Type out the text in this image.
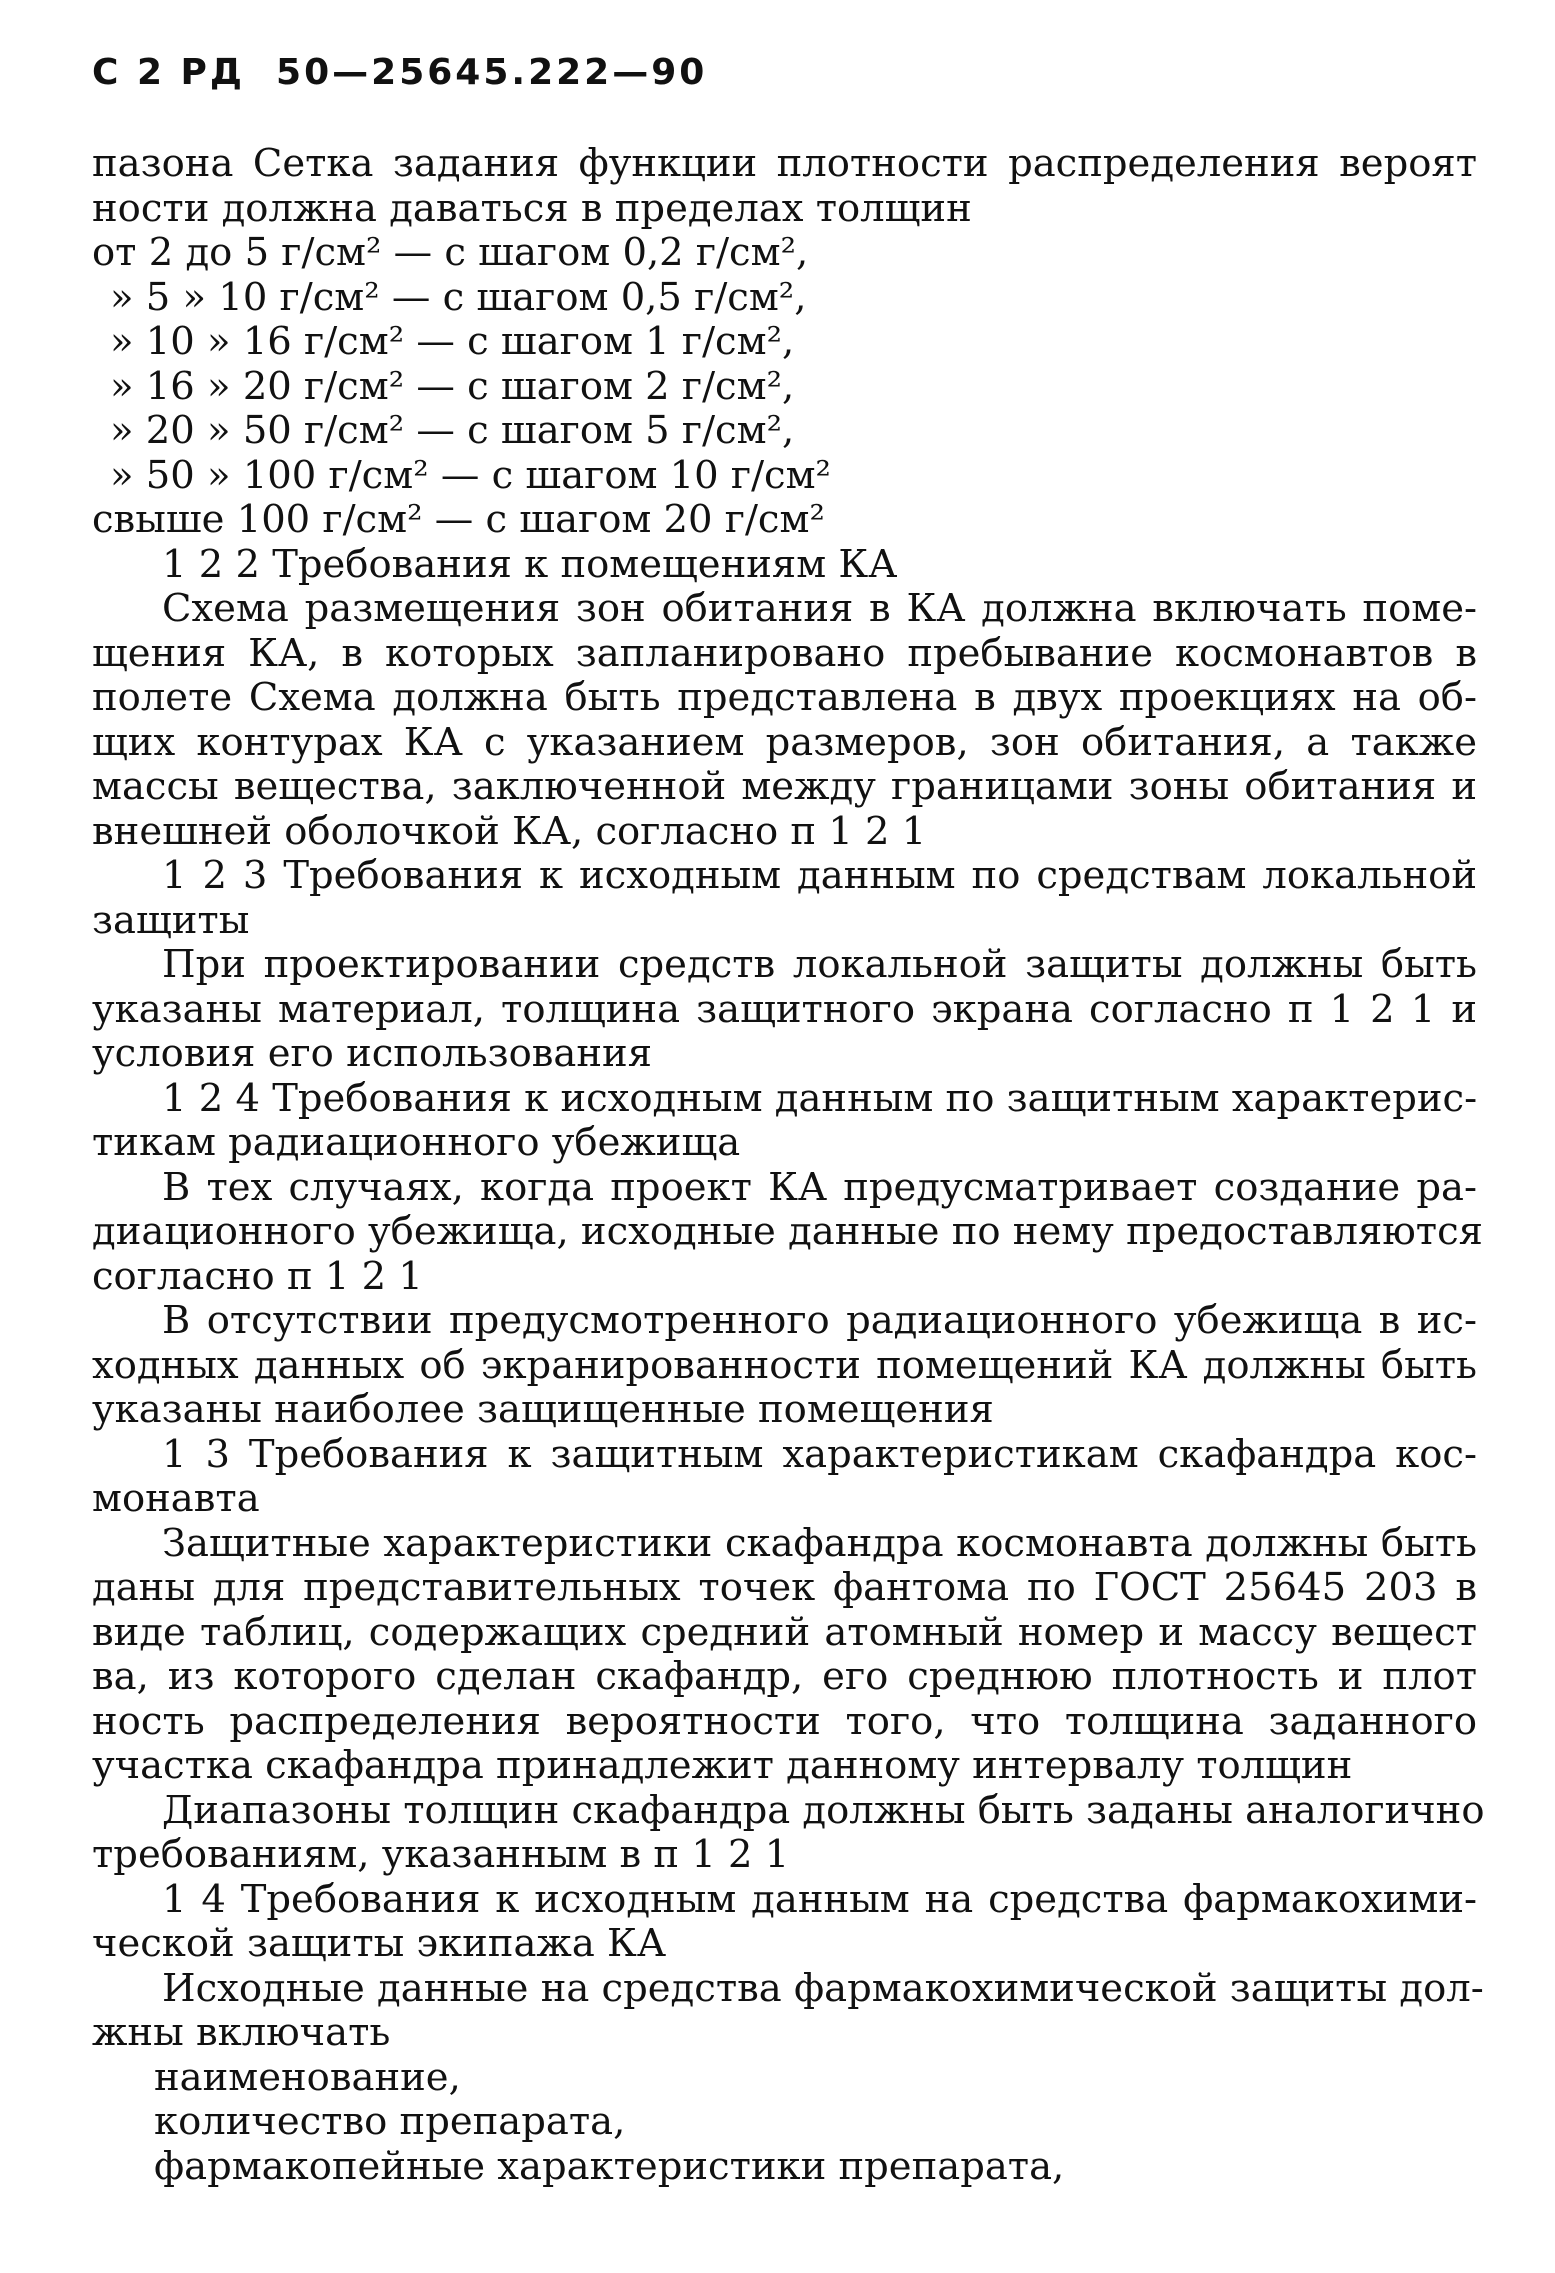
С 2 РД  50—25645.222—90
пазона Сетка задания функции плотности распределения вероят
ности должна даваться в пределах толщин
от 2 до 5 г/см² — с шагом 0,2 г/см²,
» 5 » 10 г/см² — с шагом 0,5 г/см²,
» 10 » 16 г/см² — с шагом 1 г/см²,
» 16 » 20 г/см² — с шагом 2 г/см²,
» 20 » 50 г/см² — с шагом 5 г/см²,
» 50 » 100 г/см² — с шагом 10 г/см²
свыше 100 г/см² — с шагом 20 г/см²
1 2 2 Требования к помещениям КА
Схема размещения зон обитания в КА должна включать поме-
щения КА, в которых запланировано пребывание космонавтов в
полете Схема должна быть представлена в двух проекциях на об-
щих контурах КА с указанием размеров, зон обитания, а также
массы вещества, заключенной между границами зоны обитания и
внешней оболочкой КА, согласно п 1 2 1
1 2 3 Требования к исходным данным по средствам локальной
защиты
При проектировании средств локальной защиты должны быть
указаны материал, толщина защитного экрана согласно п 1 2 1 и
условия его использования
1 2 4 Требования к исходным данным по защитным характерис-
тикам радиационного убежища
В тех случаях, когда проект КА предусматривает создание ра-
диационного убежища, исходные данные по нему предоставляются
согласно п 1 2 1
В отсутствии предусмотренного радиационного убежища в ис-
ходных данных об экранированности помещений КА должны быть
указаны наиболее защищенные помещения
1 3 Требования к защитным характеристикам скафандра кос-
монавта
Защитные характеристики скафандра космонавта должны быть
даны для представительных точек фантома по ГОСТ 25645 203 в
виде таблиц, содержащих средний атомный номер и массу вещест
ва, из которого сделан скафандр, его среднюю плотность и плот
ность распределения вероятности того, что толщина заданного
участка скафандра принадлежит данному интервалу толщин
Диапазоны толщин скафандра должны быть заданы аналогично
требованиям, указанным в п 1 2 1
1 4 Требования к исходным данным на средства фармакохими-
ческой защиты экипажа КА
Исходные данные на средства фармакохимической защиты дол-
жны включать
наименование,
количество препарата,
фармакопейные характеристики препарата,
